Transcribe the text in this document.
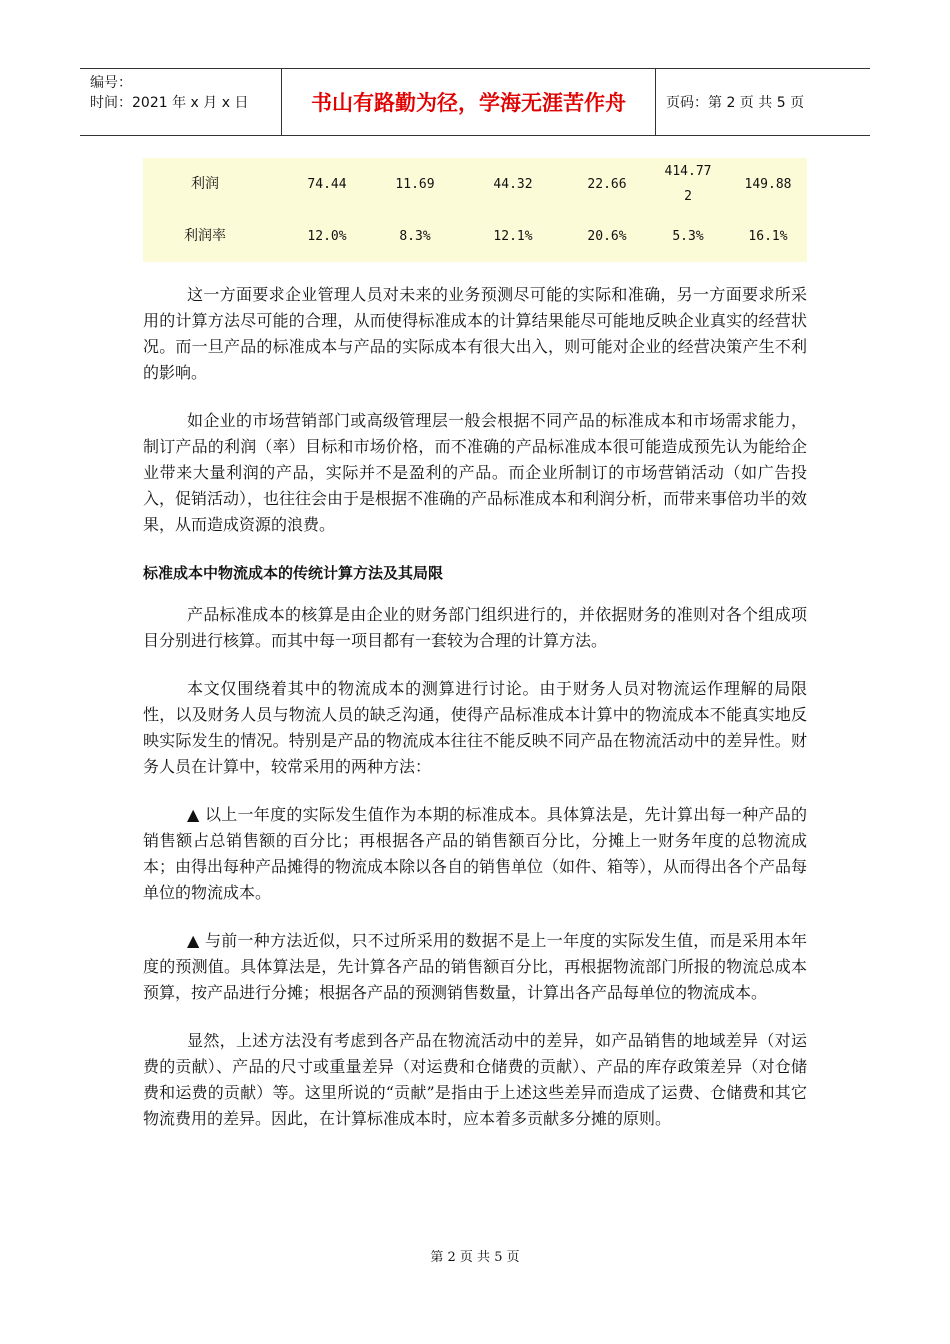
编号：
时间：2021 年 x 月 x 日	书山有路勤为径，学海无涯苦作舟	页码：第 2 页 共 5 页
利润	74.44	11.69	44.32	22.66	414.772	149.88
利润率	12.0%	8.3%	12.1%	20.6%	5.3%	16.1%

这一方面要求企业管理人员对未来的业务预测尽可能的实际和准确，另一方面要求所采用的计算方法尽可能的合理，从而使得标准成本的计算结果能尽可能地反映企业真实的经营状况。而一旦产品的标准成本与产品的实际成本有很大出入，则可能对企业的经营决策产生不利的影响。

如企业的市场营销部门或高级管理层一般会根据不同产品的标准成本和市场需求能力，制订产品的利润（率）目标和市场价格，而不准确的产品标准成本很可能造成预先认为能给企业带来大量利润的产品，实际并不是盈利的产品。而企业所制订的市场营销活动（如广告投入，促销活动），也往往会由于是根据不准确的产品标准成本和利润分析，而带来事倍功半的效果，从而造成资源的浪费。

标准成本中物流成本的传统计算方法及其局限

产品标准成本的核算是由企业的财务部门组织进行的，并依据财务的准则对各个组成项目分别进行核算。而其中每一项目都有一套较为合理的计算方法。

本文仅围绕着其中的物流成本的测算进行讨论。由于财务人员对物流运作理解的局限性，以及财务人员与物流人员的缺乏沟通，使得产品标准成本计算中的物流成本不能真实地反映实际发生的情况。特别是产品的物流成本往往不能反映不同产品在物流活动中的差异性。财务人员在计算中，较常采用的两种方法：

▲ 以上一年度的实际发生值作为本期的标准成本。具体算法是，先计算出每一种产品的销售额占总销售额的百分比；再根据各产品的销售额百分比，分摊上一财务年度的总物流成本；由得出每种产品摊得的物流成本除以各自的销售单位（如件、箱等），从而得出各个产品每单位的物流成本。

▲ 与前一种方法近似，只不过所采用的数据不是上一年度的实际发生值，而是采用本年度的预测值。具体算法是，先计算各产品的销售额百分比，再根据物流部门所报的物流总成本预算，按产品进行分摊；根据各产品的预测销售数量，计算出各产品每单位的物流成本。

显然，上述方法没有考虑到各产品在物流活动中的差异，如产品销售的地域差异（对运费的贡献）、产品的尺寸或重量差异（对运费和仓储费的贡献）、产品的库存政策差异（对仓储费和运费的贡献）等。这里所说的“贡献”是指由于上述这些差异而造成了运费、仓储费和其它物流费用的差异。因此，在计算标准成本时，应本着多贡献多分摊的原则。

第 2 页 共 5 页
